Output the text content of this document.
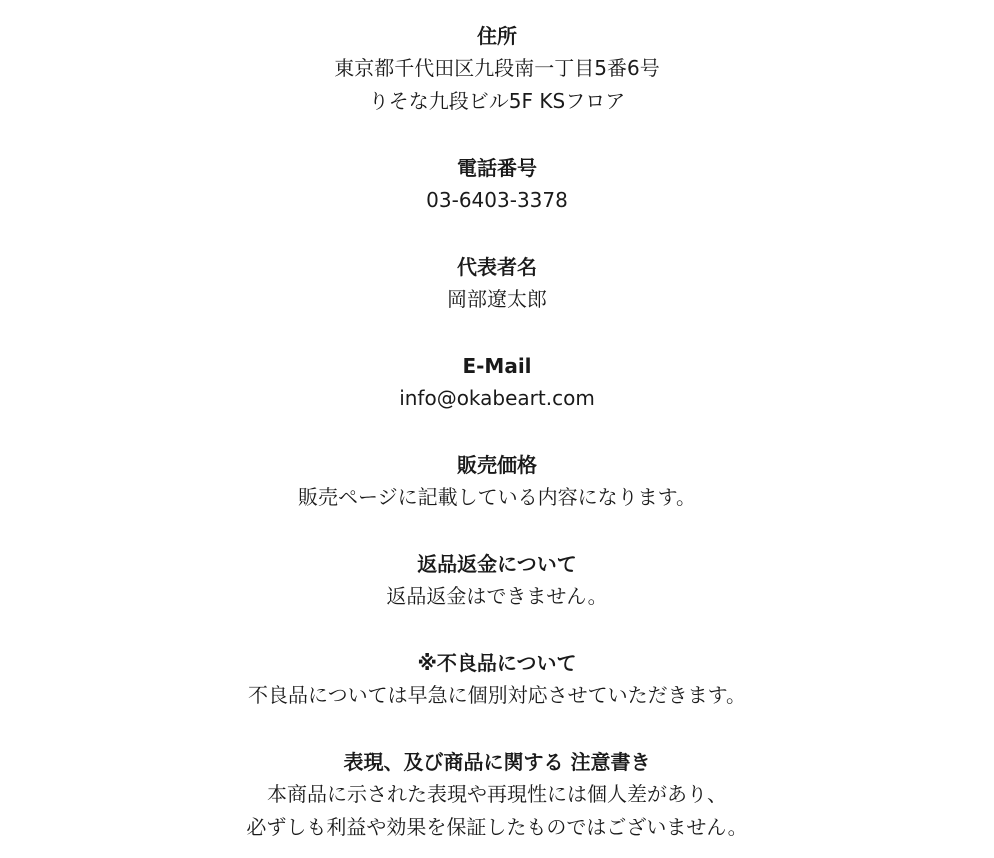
住所
東京都千代田区九段南一丁目5番6号
りそな九段ビル5F KSフロア
電話番号
03-6403-3378
代表者名
岡部遼太郎
E-Mail
info@okabeart.com
販売価格
販売ページに記載している内容になります。
返品返金について
返品返金はできません。
※不良品について
不良品については早急に個別対応させていただきます。
表現、及び商品に関する 注意書き
本商品に示された表現や再現性には個人差があり、
必ずしも利益や効果を保証したものではございません。
